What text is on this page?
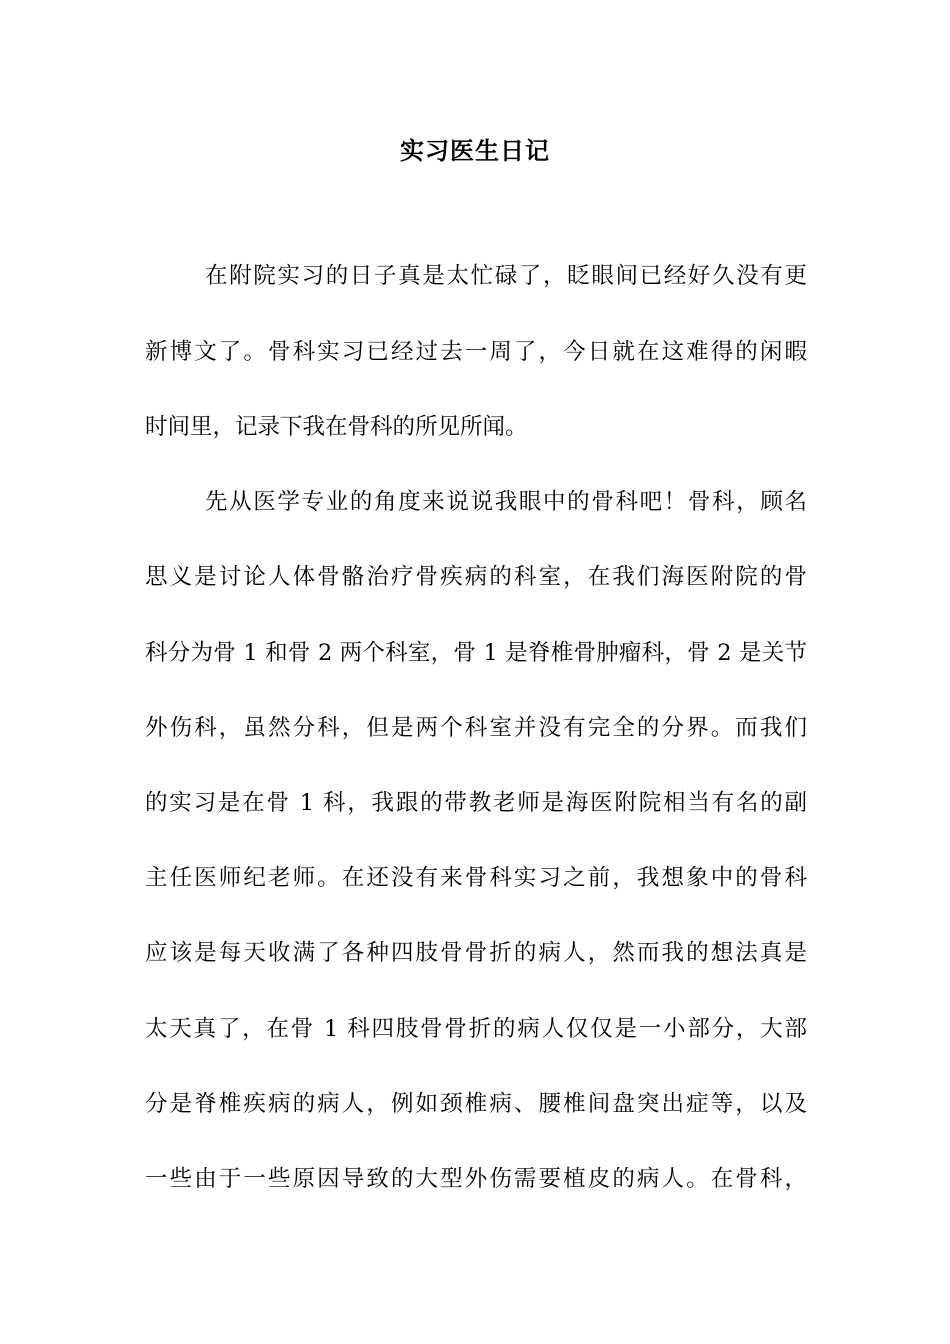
实习医生日记
在附院实习的日子真是太忙碌了，眨眼间已经好久没有更
新博文了。骨科实习已经过去一周了，今日就在这难得的闲暇
时间里，记录下我在骨科的所见所闻。
先从医学专业的角度来说说我眼中的骨科吧！骨科，顾名
思义是讨论人体骨骼治疗骨疾病的科室，在我们海医附院的骨
科分为骨 1 和骨 2 两个科室，骨 1 是脊椎骨肿瘤科，骨 2 是关节
外伤科，虽然分科，但是两个科室并没有完全的分界。而我们
的实习是在骨 1 科，我跟的带教老师是海医附院相当有名的副
主任医师纪老师。在还没有来骨科实习之前，我想象中的骨科
应该是每天收满了各种四肢骨骨折的病人，然而我的想法真是
太天真了，在骨 1 科四肢骨骨折的病人仅仅是一小部分，大部
分是脊椎疾病的病人，例如颈椎病、腰椎间盘突出症等，以及
一些由于一些原因导致的大型外伤需要植皮的病人。在骨科，
